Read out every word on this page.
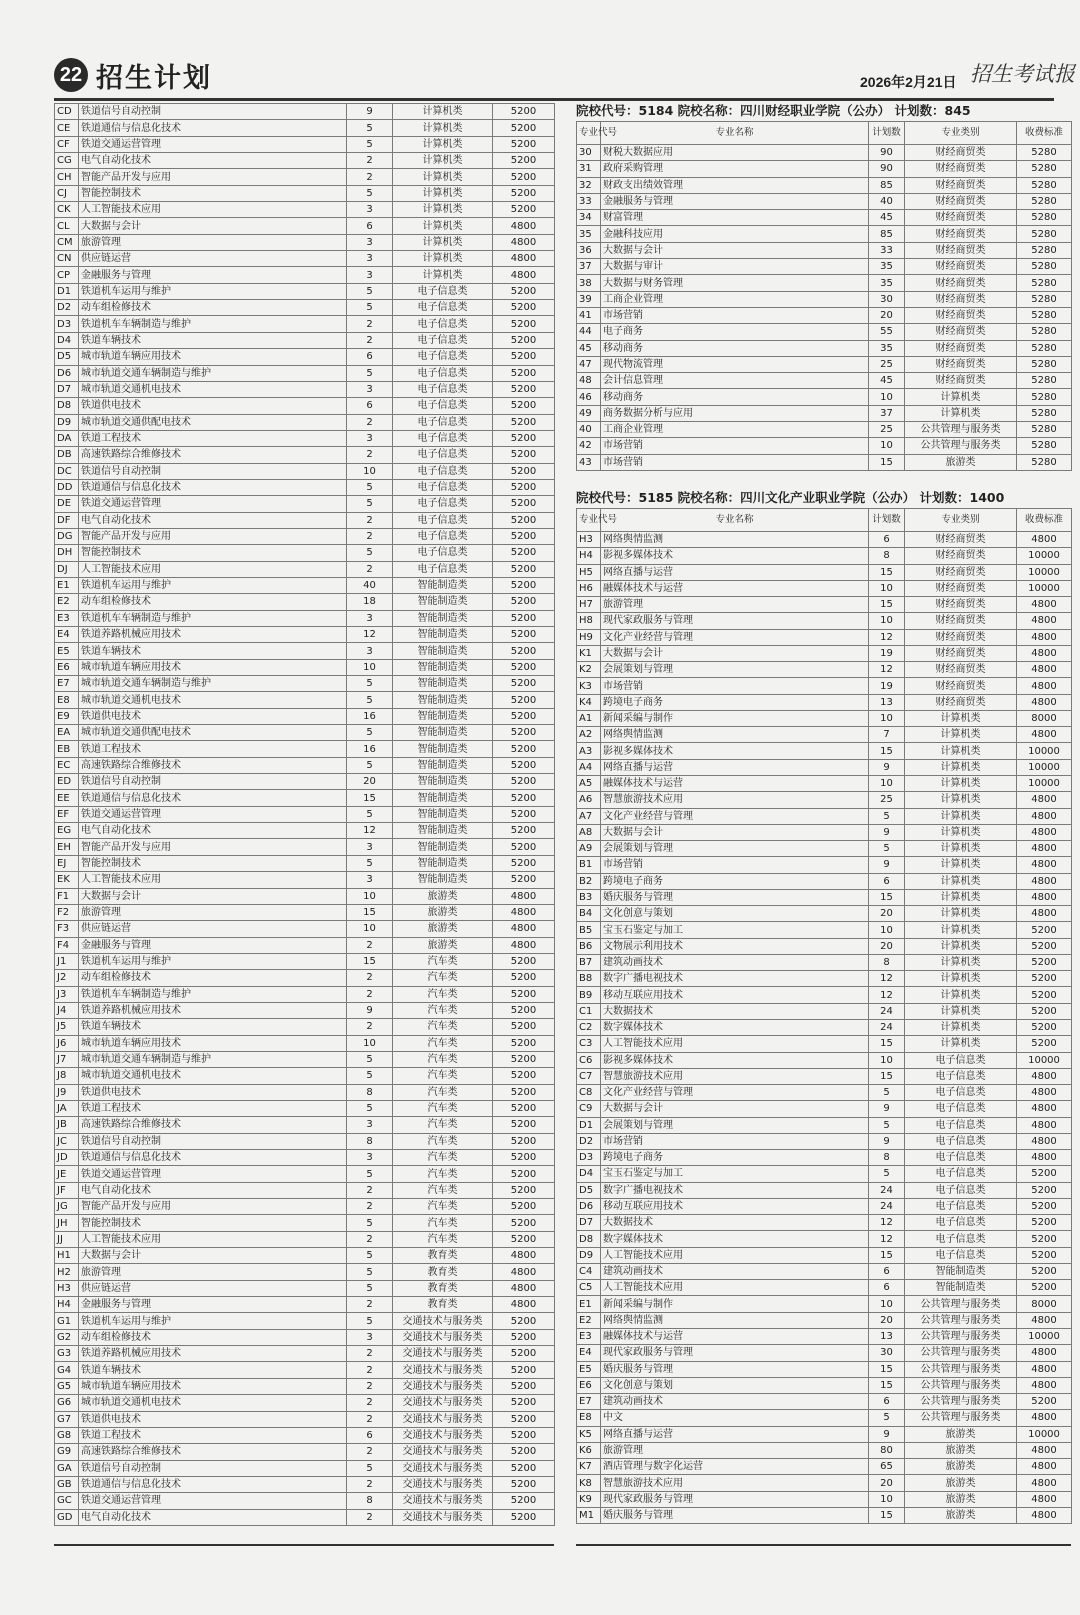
22 招生计划	2026年2月21日 招生考试报
CD	铁道信号自动控制	9	计算机类	5200
CE	铁道通信与信息化技术	5	计算机类	5200
CF	铁道交通运营管理	5	计算机类	5200
CG	电气自动化技术	2	计算机类	5200
CH	智能产品开发与应用	2	计算机类	5200
CJ	智能控制技术	5	计算机类	5200
CK	人工智能技术应用	3	计算机类	5200
CL	大数据与会计	6	计算机类	4800
CM	旅游管理	3	计算机类	4800
CN	供应链运营	3	计算机类	4800
CP	金融服务与管理	3	计算机类	4800
D1	铁道机车运用与维护	5	电子信息类	5200
D2	动车组检修技术	5	电子信息类	5200
D3	铁道机车车辆制造与维护	2	电子信息类	5200
D4	铁道车辆技术	2	电子信息类	5200
D5	城市轨道车辆应用技术	6	电子信息类	5200
D6	城市轨道交通车辆制造与维护	5	电子信息类	5200
D7	城市轨道交通机电技术	3	电子信息类	5200
D8	铁道供电技术	6	电子信息类	5200
D9	城市轨道交通供配电技术	2	电子信息类	5200
DA	铁道工程技术	3	电子信息类	5200
DB	高速铁路综合维修技术	2	电子信息类	5200
DC	铁道信号自动控制	10	电子信息类	5200
DD	铁道通信与信息化技术	5	电子信息类	5200
DE	铁道交通运营管理	5	电子信息类	5200
DF	电气自动化技术	2	电子信息类	5200
DG	智能产品开发与应用	2	电子信息类	5200
DH	智能控制技术	5	电子信息类	5200
DJ	人工智能技术应用	2	电子信息类	5200
E1	铁道机车运用与维护	40	智能制造类	5200
E2	动车组检修技术	18	智能制造类	5200
E3	铁道机车车辆制造与维护	3	智能制造类	5200
E4	铁道养路机械应用技术	12	智能制造类	5200
E5	铁道车辆技术	3	智能制造类	5200
E6	城市轨道车辆应用技术	10	智能制造类	5200
E7	城市轨道交通车辆制造与维护	5	智能制造类	5200
E8	城市轨道交通机电技术	5	智能制造类	5200
E9	铁道供电技术	16	智能制造类	5200
EA	城市轨道交通供配电技术	5	智能制造类	5200
EB	铁道工程技术	16	智能制造类	5200
EC	高速铁路综合维修技术	5	智能制造类	5200
ED	铁道信号自动控制	20	智能制造类	5200
EE	铁道通信与信息化技术	15	智能制造类	5200
EF	铁道交通运营管理	5	智能制造类	5200
EG	电气自动化技术	12	智能制造类	5200
EH	智能产品开发与应用	3	智能制造类	5200
EJ	智能控制技术	5	智能制造类	5200
EK	人工智能技术应用	3	智能制造类	5200
F1	大数据与会计	10	旅游类	4800
F2	旅游管理	15	旅游类	4800
F3	供应链运营	10	旅游类	4800
F4	金融服务与管理	2	旅游类	4800
J1	铁道机车运用与维护	15	汽车类	5200
J2	动车组检修技术	2	汽车类	5200
J3	铁道机车车辆制造与维护	2	汽车类	5200
J4	铁道养路机械应用技术	9	汽车类	5200
J5	铁道车辆技术	2	汽车类	5200
J6	城市轨道车辆应用技术	10	汽车类	5200
J7	城市轨道交通车辆制造与维护	5	汽车类	5200
J8	城市轨道交通机电技术	5	汽车类	5200
J9	铁道供电技术	8	汽车类	5200
JA	铁道工程技术	5	汽车类	5200
JB	高速铁路综合维修技术	3	汽车类	5200
JC	铁道信号自动控制	8	汽车类	5200
JD	铁道通信与信息化技术	3	汽车类	5200
JE	铁道交通运营管理	5	汽车类	5200
JF	电气自动化技术	2	汽车类	5200
JG	智能产品开发与应用	2	汽车类	5200
JH	智能控制技术	5	汽车类	5200
JJ	人工智能技术应用	2	汽车类	5200
H1	大数据与会计	5	教育类	4800
H2	旅游管理	5	教育类	4800
H3	供应链运营	5	教育类	4800
H4	金融服务与管理	2	教育类	4800
G1	铁道机车运用与维护	5	交通技术与服务类	5200
G2	动车组检修技术	3	交通技术与服务类	5200
G3	铁道养路机械应用技术	2	交通技术与服务类	5200
G4	铁道车辆技术	2	交通技术与服务类	5200
G5	城市轨道车辆应用技术	2	交通技术与服务类	5200
G6	城市轨道交通机电技术	2	交通技术与服务类	5200
G7	铁道供电技术	2	交通技术与服务类	5200
G8	铁道工程技术	6	交通技术与服务类	5200
G9	高速铁路综合维修技术	2	交通技术与服务类	5200
GA	铁道信号自动控制	5	交通技术与服务类	5200
GB	铁道通信与信息化技术	2	交通技术与服务类	5200
GC	铁道交通运营管理	8	交通技术与服务类	5200
GD	电气自动化技术	2	交通技术与服务类	5200
院校代号：5184 院校名称：四川财经职业学院（公办） 计划数：845
专业代号	专业名称	计划数	专业类别	收费标准
30	财税大数据应用	90	财经商贸类	5280
31	政府采购管理	90	财经商贸类	5280
32	财政支出绩效管理	85	财经商贸类	5280
33	金融服务与管理	40	财经商贸类	5280
34	财富管理	45	财经商贸类	5280
35	金融科技应用	85	财经商贸类	5280
36	大数据与会计	33	财经商贸类	5280
37	大数据与审计	35	财经商贸类	5280
38	大数据与财务管理	35	财经商贸类	5280
39	工商企业管理	30	财经商贸类	5280
41	市场营销	20	财经商贸类	5280
44	电子商务	55	财经商贸类	5280
45	移动商务	35	财经商贸类	5280
47	现代物流管理	25	财经商贸类	5280
48	会计信息管理	45	财经商贸类	5280
46	移动商务	10	计算机类	5280
49	商务数据分析与应用	37	计算机类	5280
40	工商企业管理	25	公共管理与服务类	5280
42	市场营销	10	公共管理与服务类	5280
43	市场营销	15	旅游类	5280
院校代号：5185 院校名称：四川文化产业职业学院（公办） 计划数：1400
专业代号	专业名称	计划数	专业类别	收费标准
H3	网络舆情监测	6	财经商贸类	4800
H4	影视多媒体技术	8	财经商贸类	10000
H5	网络直播与运营	15	财经商贸类	10000
H6	融媒体技术与运营	10	财经商贸类	10000
H7	旅游管理	15	财经商贸类	4800
H8	现代家政服务与管理	10	财经商贸类	4800
H9	文化产业经营与管理	12	财经商贸类	4800
K1	大数据与会计	19	财经商贸类	4800
K2	会展策划与管理	12	财经商贸类	4800
K3	市场营销	19	财经商贸类	4800
K4	跨境电子商务	13	财经商贸类	4800
A1	新闻采编与制作	10	计算机类	8000
A2	网络舆情监测	7	计算机类	4800
A3	影视多媒体技术	15	计算机类	10000
A4	网络直播与运营	9	计算机类	10000
A5	融媒体技术与运营	10	计算机类	10000
A6	智慧旅游技术应用	25	计算机类	4800
A7	文化产业经营与管理	5	计算机类	4800
A8	大数据与会计	9	计算机类	4800
A9	会展策划与管理	5	计算机类	4800
B1	市场营销	9	计算机类	4800
B2	跨境电子商务	6	计算机类	4800
B3	婚庆服务与管理	15	计算机类	4800
B4	文化创意与策划	20	计算机类	4800
B5	宝玉石鉴定与加工	10	计算机类	5200
B6	文物展示利用技术	20	计算机类	5200
B7	建筑动画技术	8	计算机类	5200
B8	数字广播电视技术	12	计算机类	5200
B9	移动互联应用技术	12	计算机类	5200
C1	大数据技术	24	计算机类	5200
C2	数字媒体技术	24	计算机类	5200
C3	人工智能技术应用	15	计算机类	5200
C6	影视多媒体技术	10	电子信息类	10000
C7	智慧旅游技术应用	15	电子信息类	4800
C8	文化产业经营与管理	5	电子信息类	4800
C9	大数据与会计	9	电子信息类	4800
D1	会展策划与管理	5	电子信息类	4800
D2	市场营销	9	电子信息类	4800
D3	跨境电子商务	8	电子信息类	4800
D4	宝玉石鉴定与加工	5	电子信息类	5200
D5	数字广播电视技术	24	电子信息类	5200
D6	移动互联应用技术	24	电子信息类	5200
D7	大数据技术	12	电子信息类	5200
D8	数字媒体技术	12	电子信息类	5200
D9	人工智能技术应用	15	电子信息类	5200
C4	建筑动画技术	6	智能制造类	5200
C5	人工智能技术应用	6	智能制造类	5200
E1	新闻采编与制作	10	公共管理与服务类	8000
E2	网络舆情监测	20	公共管理与服务类	4800
E3	融媒体技术与运营	13	公共管理与服务类	10000
E4	现代家政服务与管理	30	公共管理与服务类	4800
E5	婚庆服务与管理	15	公共管理与服务类	4800
E6	文化创意与策划	15	公共管理与服务类	4800
E7	建筑动画技术	6	公共管理与服务类	5200
E8	中文	5	公共管理与服务类	4800
K5	网络直播与运营	9	旅游类	10000
K6	旅游管理	80	旅游类	4800
K7	酒店管理与数字化运营	65	旅游类	4800
K8	智慧旅游技术应用	20	旅游类	4800
K9	现代家政服务与管理	10	旅游类	4800
M1	婚庆服务与管理	15	旅游类	4800
